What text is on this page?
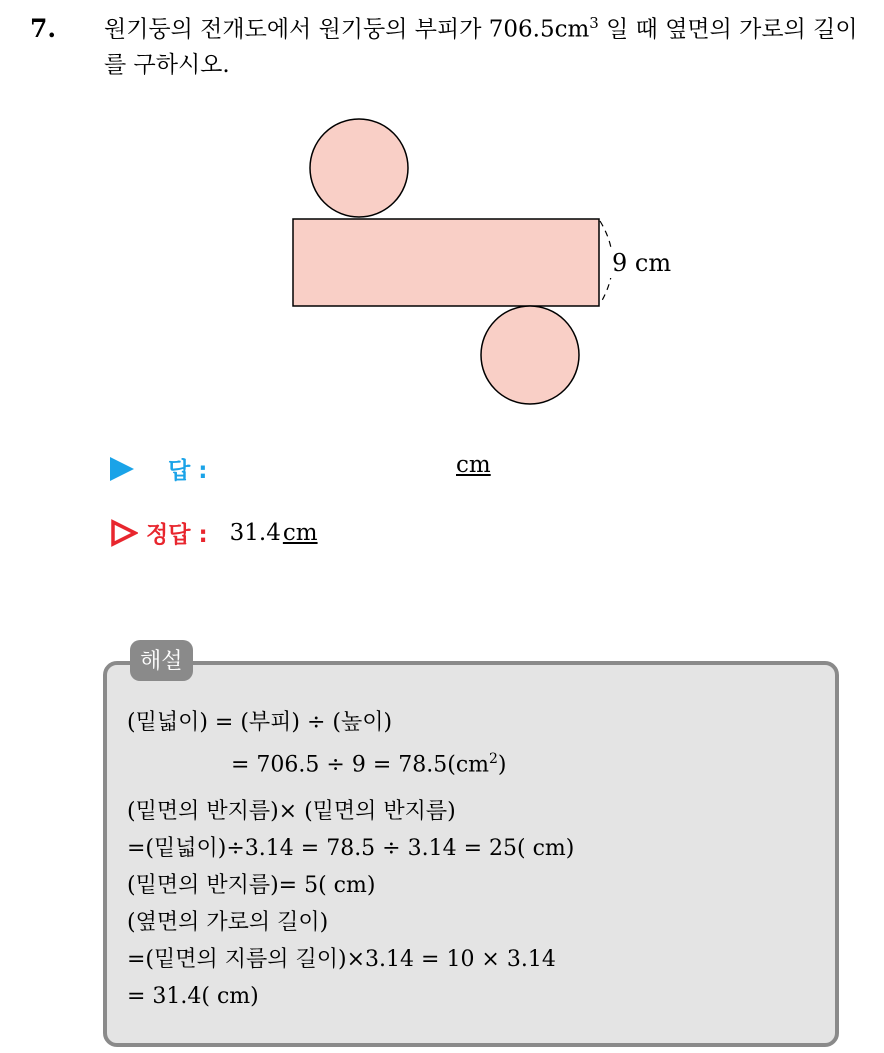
7. 원기둥의 전개도에서 원기둥의 부피가 $706.5cm^3$ 일 때 옆면의 가로의 길이를 구하시오.
9 cm
답 :	cm
정답 : 31.4 cm
해설
(밑넓이) = (부피) ÷ (높이)
= $706.5 \div 9 = 78.5(cm^2)$
(밑면의 반지름)× (밑면의 반지름)
=(밑넓이)÷3.14 = 78.5 ÷ 3.14 = 25( cm)
(밑면의 반지름)= 5( cm)
(옆면의 가로의 길이)
=(밑면의 지름의 길이)×3.14 = 10 × 3.14
= 31.4( cm)
